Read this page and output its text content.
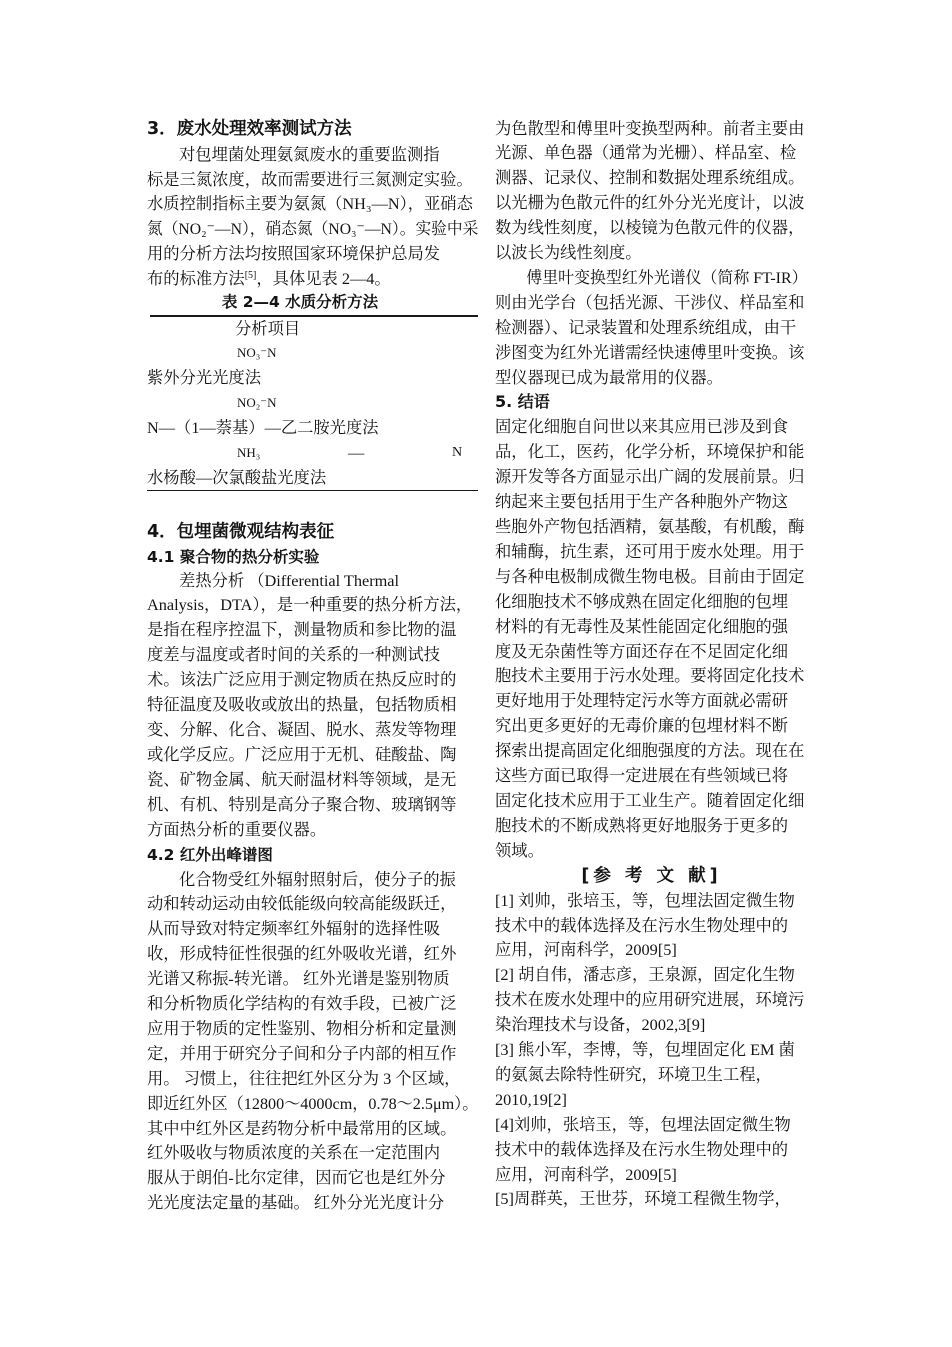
3．废水处理效率测试方法
对包埋菌处理氨氮废水的重要监测指
标是三氮浓度，故而需要进行三氮测定实验。
水质控制指标主要为氨氮（NH₃—N），亚硝态
氮（NO₂⁻—N），硝态氮（NO₃⁻—N）。实验中采
用的分析方法均按照国家环境保护总局发
布的标准方法[5]，具体见表 2—4。
表 2—4 水质分析方法
分析项目
NO₃⁻N
紫外分光光度法
NO₂⁻N
N—（1—萘基）—乙二胺光度法
NH₃	—	N
水杨酸—次氯酸盐光度法
4．包埋菌微观结构表征
4.1 聚合物的热分析实验
差热分析 （Differential Thermal
Analysis，DTA），是一种重要的热分析方法，
是指在程序控温下，测量物质和参比物的温
度差与温度或者时间的关系的一种测试技
术。该法广泛应用于测定物质在热反应时的
特征温度及吸收或放出的热量，包括物质相
变、分解、化合、凝固、脱水、蒸发等物理
或化学反应。广泛应用于无机、硅酸盐、陶
瓷、矿物金属、航天耐温材料等领域，是无
机、有机、特别是高分子聚合物、玻璃钢等
方面热分析的重要仪器。
4.2 红外出峰谱图
化合物受红外辐射照射后，使分子的振
动和转动运动由较低能级向较高能级跃迁，
从而导致对特定频率红外辐射的选择性吸
收，形成特征性很强的红外吸收光谱，红外
光谱又称振-转光谱。 红外光谱是鉴别物质
和分析物质化学结构的有效手段，已被广泛
应用于物质的定性鉴别、物相分析和定量测
定，并用于研究分子间和分子内部的相互作
用。 习惯上，往往把红外区分为 3 个区域，
即近红外区（12800～4000cm，0.78～2.5μm）。
其中中红外区是药物分析中最常用的区域。
红外吸收与物质浓度的关系在一定范围内
服从于朗伯-比尔定律，因而它也是红外分
光光度法定量的基础。 红外分光光度计分
为色散型和傅里叶变换型两种。前者主要由
光源、单色器（通常为光栅）、样品室、检
测器、记录仪、控制和数据处理系统组成。
以光栅为色散元件的红外分光光度计，以波
数为线性刻度，以棱镜为色散元件的仪器，
以波长为线性刻度。
傅里叶变换型红外光谱仪（简称 FT-IR）
则由光学台（包括光源、干涉仪、样品室和
检测器）、记录装置和处理系统组成，由干
涉图变为红外光谱需经快速傅里叶变换。该
型仪器现已成为最常用的仪器。
5. 结语
固定化细胞自问世以来其应用已涉及到食
品，化工，医药，化学分析，环境保护和能
源开发等各方面显示出广阔的发展前景。归
纳起来主要包括用于生产各种胞外产物这
些胞外产物包括酒精，氨基酸，有机酸，酶
和辅酶，抗生素，还可用于废水处理。用于
与各种电极制成微生物电极。目前由于固定
化细胞技术不够成熟在固定化细胞的包埋
材料的有无毒性及某性能固定化细胞的强
度及无杂菌性等方面还存在不足固定化细
胞技术主要用于污水处理。要将固定化技术
更好地用于处理特定污水等方面就必需研
究出更多更好的无毒价廉的包埋材料不断
探索出提高固定化细胞强度的方法。现在在
这些方面已取得一定进展在有些领域已将
固定化技术应用于工业生产。随着固定化细
胞技术的不断成熟将更好地服务于更多的
领域。
[参 考 文 献]
[1] 刘帅，张培玉，等，包埋法固定微生物
技术中的载体选择及在污水生物处理中的
应用，河南科学，2009[5]
[2] 胡自伟，潘志彦，王泉源，固定化生物
技术在废水处理中的应用研究进展，环境污
染治理技术与设备，2002,3[9]
[3] 熊小军，李博，等，包埋固定化 EM 菌
的氨氮去除特性研究，环境卫生工程，
2010,19[2]
[4]刘帅，张培玉，等，包埋法固定微生物
技术中的载体选择及在污水生物处理中的
应用，河南科学，2009[5]
[5]周群英，王世芬，环境工程微生物学，
